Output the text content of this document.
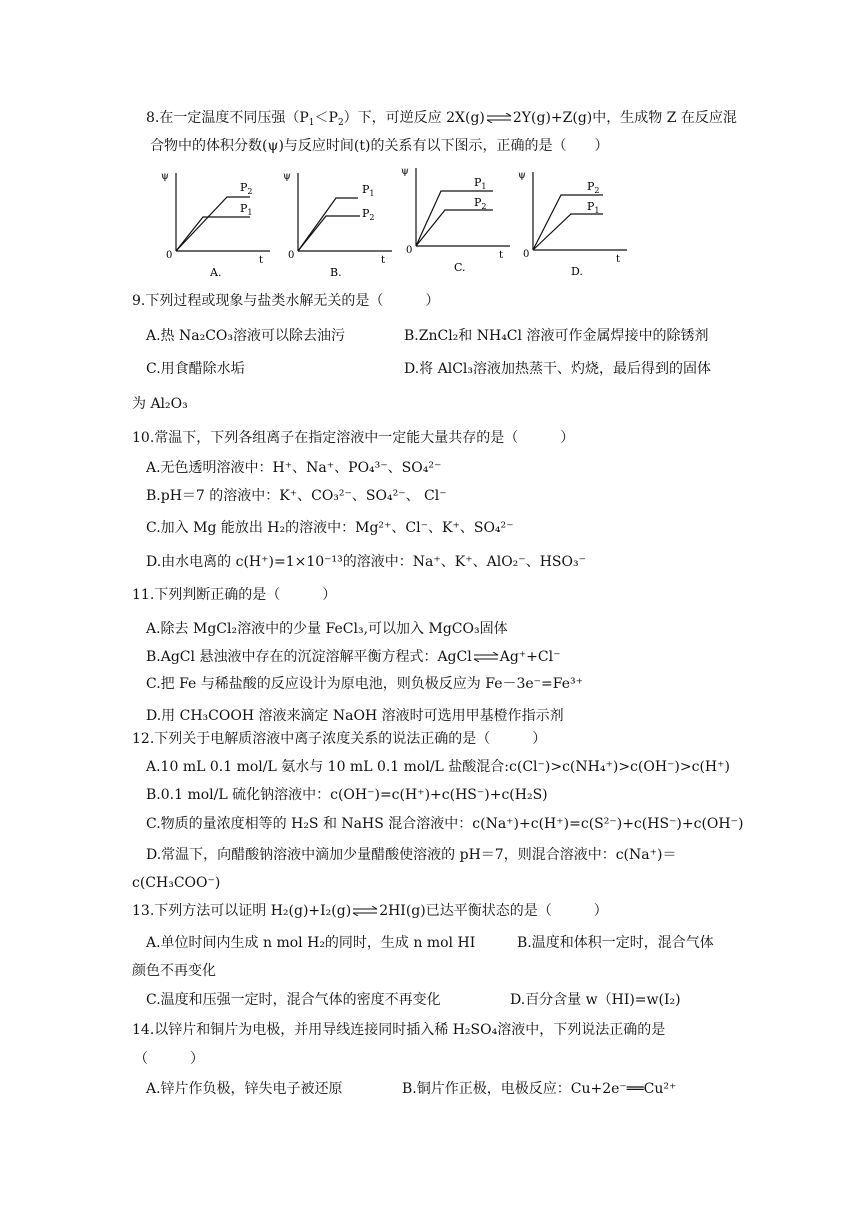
8.在一定温度不同压强$(P_1<P_2)$下，可逆反应 2X(g)⇌2Y(g)+Z(g)中，生成物 Z 在反应混
合物中的体积分数(ψ)与反应时间(t)的关系有以下图示，正确的是（　　）
ψ
0	t
$P_2$
$P_1$
A.
ψ
0	t
$P_1$
$P_2$
B.
ψ
0	t
$P_1$
$P_2$
C.
ψ
0	t
$P_2$
$P_1$
D.
9.下列过程或现象与盐类水解无关的是（　　　）
A.热 Na₂CO₃溶液可以除去油污	B.ZnCl₂和 NH₄Cl 溶液可作金属焊接中的除锈剂
C.用食醋除水垢	D.将 AlCl₃溶液加热蒸干、灼烧，最后得到的固体
为 Al₂O₃
10.常温下，下列各组离子在指定溶液中一定能大量共存的是（　　　）
A.无色透明溶液中：H⁺、Na⁺、PO₄³⁻、SO₄²⁻
B.pH＝7 的溶液中：K⁺、CO₃²⁻、SO₄²⁻、 Cl⁻
C.加入 Mg 能放出 H₂的溶液中：Mg²⁺、Cl⁻、K⁺、SO₄²⁻
D.由水电离的 c(H⁺)=1×10⁻¹³的溶液中：Na⁺、K⁺、AlO₂⁻、HSO₃⁻
11.下列判断正确的是（　　　）
A.除去 MgCl₂溶液中的少量 FeCl₃,可以加入 MgCO₃固体
B.AgCl 悬浊液中存在的沉淀溶解平衡方程式：AgCl⇌Ag⁺+Cl⁻
C.把 Fe 与稀盐酸的反应设计为原电池，则负极反应为 Fe－3e⁻=Fe³⁺
D.用 CH₃COOH 溶液来滴定 NaOH 溶液时可选用甲基橙作指示剂
12.下列关于电解质溶液中离子浓度关系的说法正确的是（　　　）
A.10 mL 0.1 mol/L 氨水与 10 mL 0.1 mol/L 盐酸混合:c(Cl⁻)>c(NH₄⁺)>c(OH⁻)>c(H⁺)
B.0.1 mol/L 硫化钠溶液中：c(OH⁻)=c(H⁺)+c(HS⁻)+c(H₂S)
C.物质的量浓度相等的 H₂S 和 NaHS 混合溶液中：c(Na⁺)+c(H⁺)=c(S²⁻)+c(HS⁻)+c(OH⁻)
D.常温下，向醋酸钠溶液中滴加少量醋酸使溶液的 pH＝7，则混合溶液中：c(Na⁺)＝
c(CH₃COO⁻)
13.下列方法可以证明 H₂(g)+I₂(g)⇌2HI(g)已达平衡状态的是（　　　）
A.单位时间内生成 n mol H₂的同时，生成 n mol HI	B.温度和体积一定时，混合气体
颜色不再变化
C.温度和压强一定时，混合气体的密度不再变化	D.百分含量 w（HI)=w(I₂)
14.以锌片和铜片为电极，并用导线连接同时插入稀 H₂SO₄溶液中，下列说法正确的是
（　　　）
A.锌片作负极，锌失电子被还原	B.铜片作正极，电极反应：Cu+2e⁻══Cu²⁺
